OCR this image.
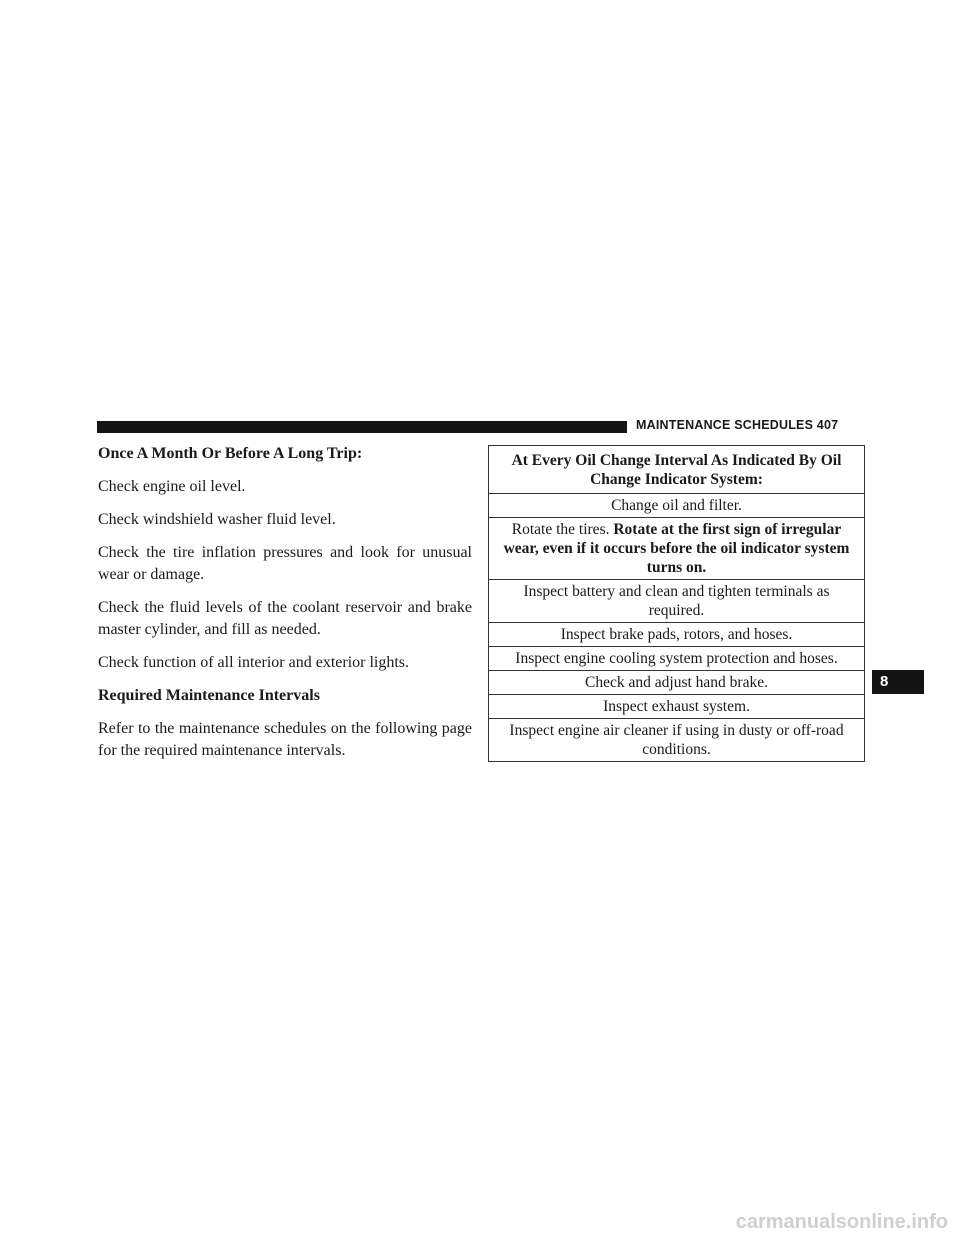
MAINTENANCE SCHEDULES 407

Once A Month Or Before A Long Trip:

Check engine oil level.

Check windshield washer fluid level.

Check the tire inflation pressures and look for unusual wear or damage.

Check the fluid levels of the coolant reservoir and brake master cylinder, and fill as needed.

Check function of all interior and exterior lights.

Required Maintenance Intervals

Refer to the maintenance schedules on the following page for the required maintenance intervals.

At Every Oil Change Interval As Indicated By Oil Change Indicator System:
Change oil and filter.
Rotate the tires. Rotate at the first sign of irregular wear, even if it occurs before the oil indicator system turns on.
Inspect battery and clean and tighten terminals as required.
Inspect brake pads, rotors, and hoses.
Inspect engine cooling system protection and hoses.
Check and adjust hand brake.
Inspect exhaust system.
Inspect engine air cleaner if using in dusty or off-road conditions.
8
carmanualsonline.info
